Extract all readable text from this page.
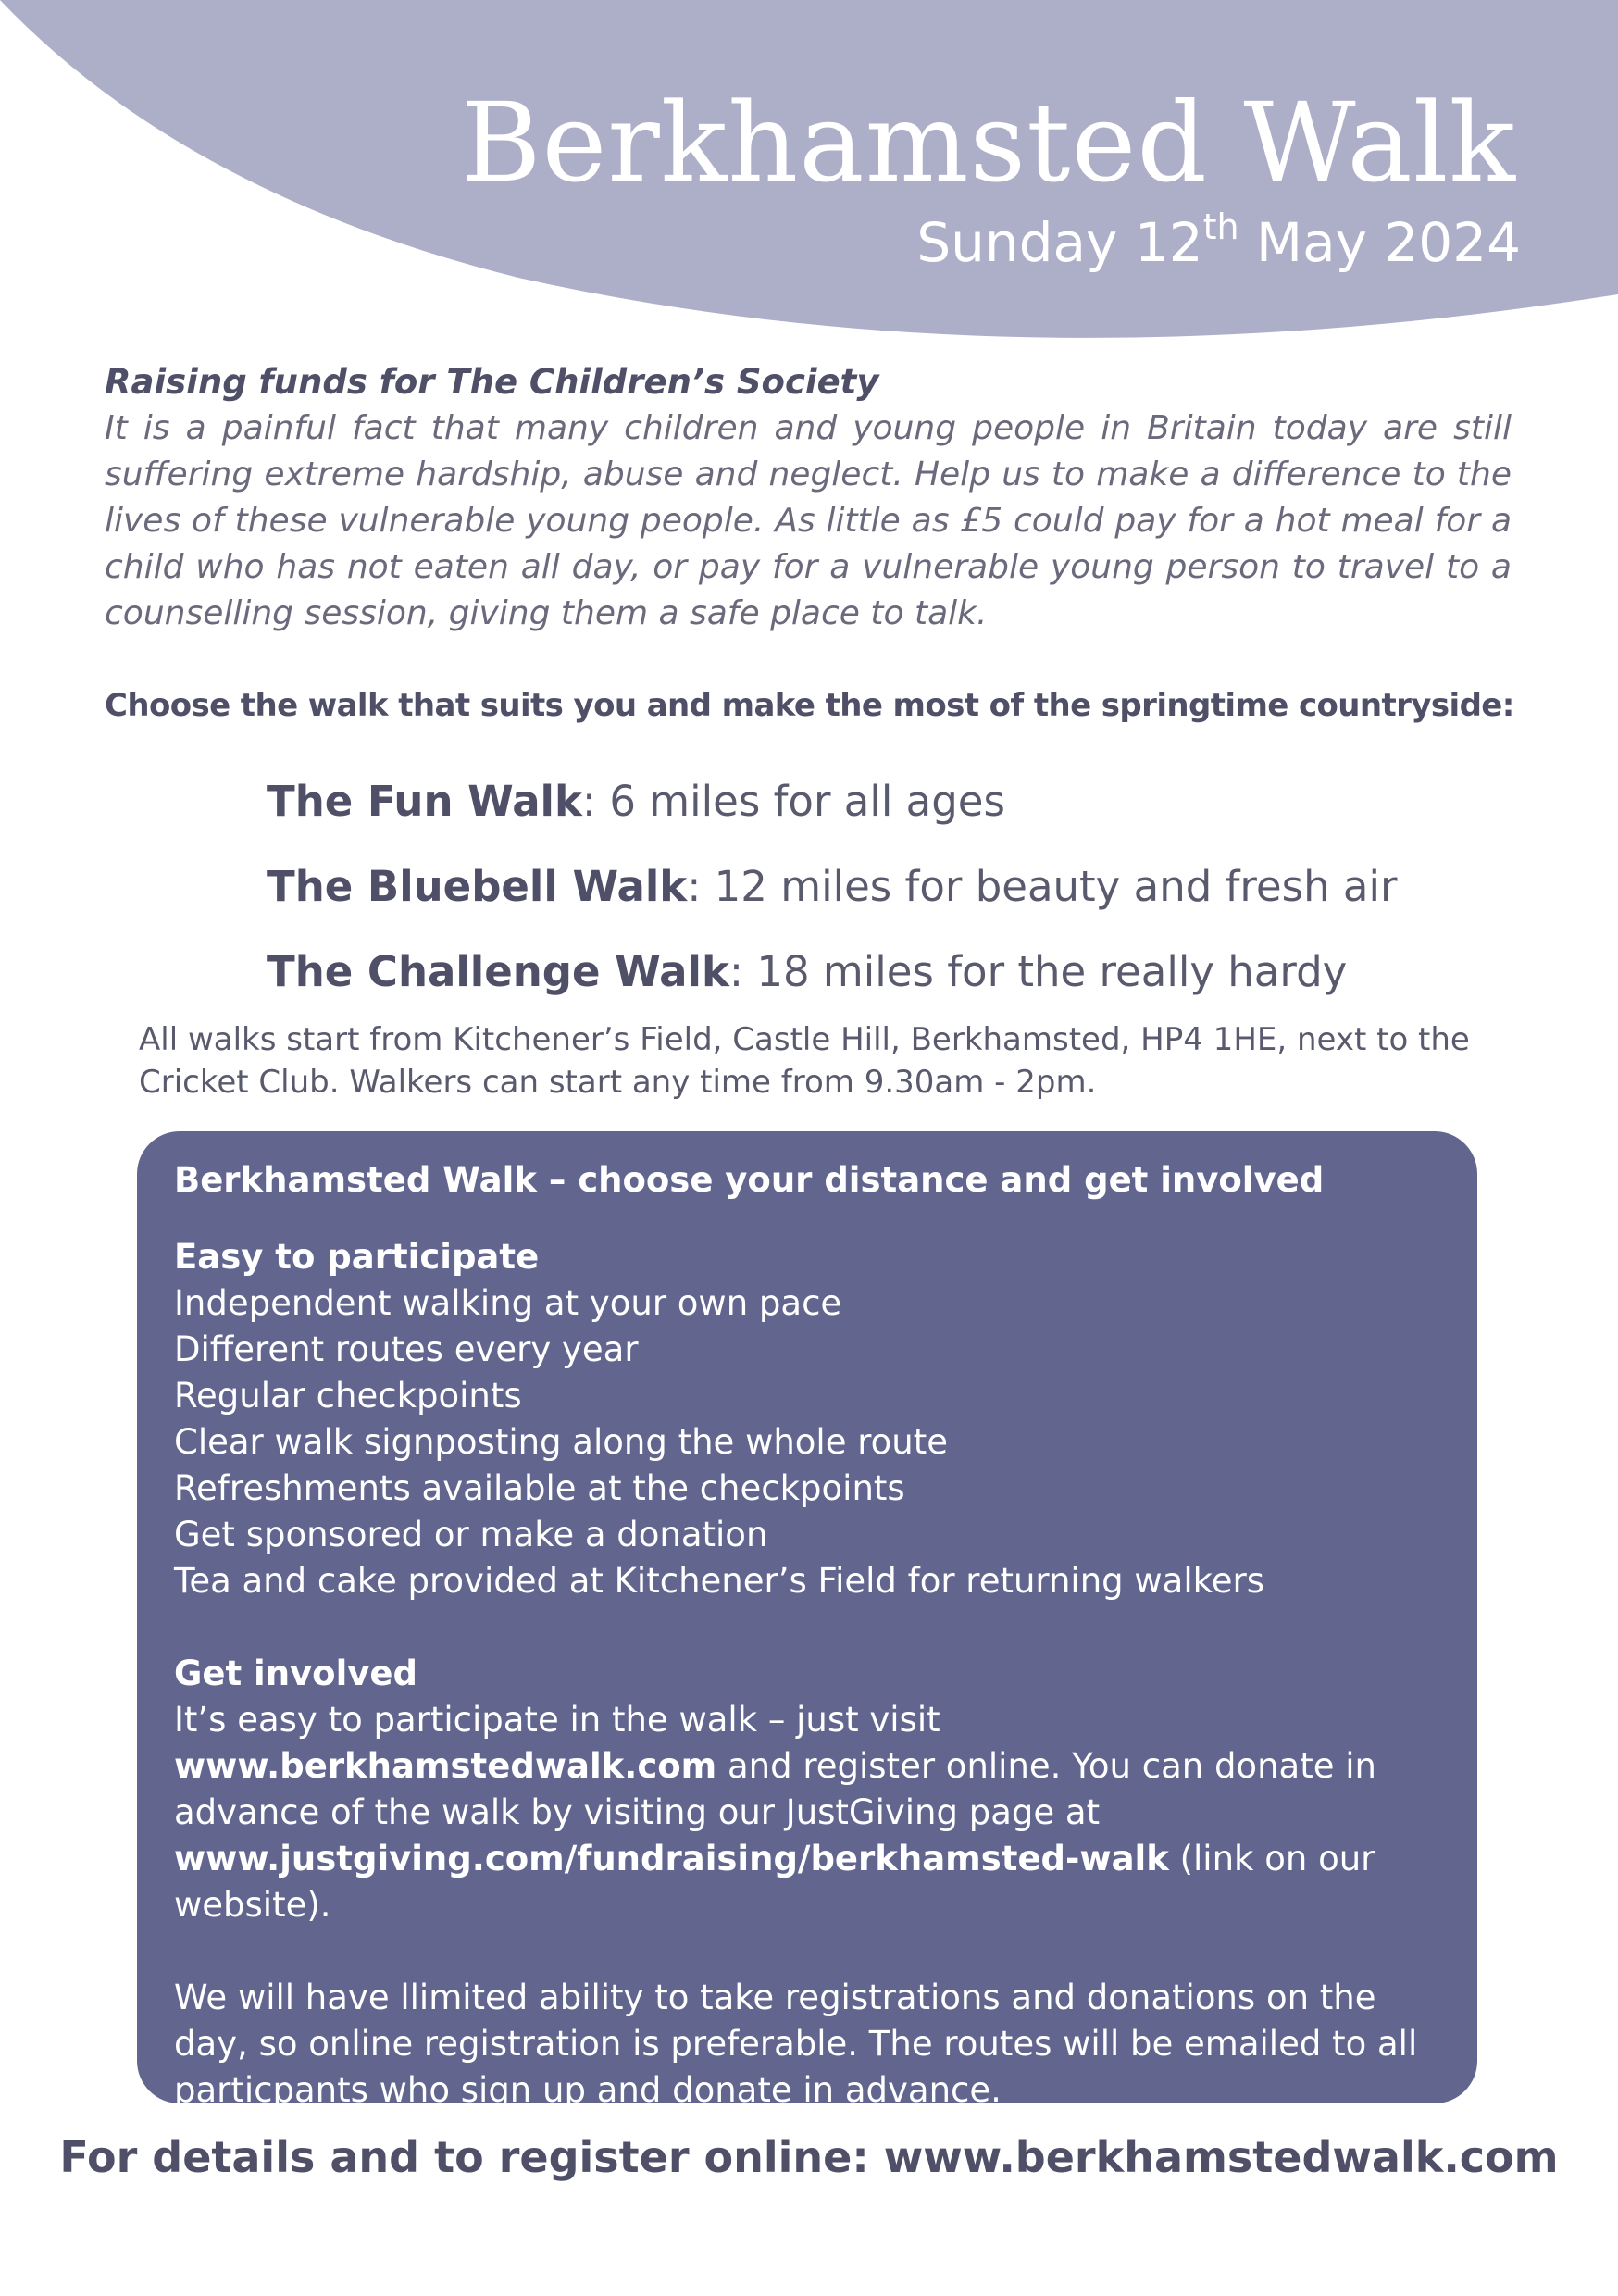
Berkhamsted Walk
Sunday 12th May 2024

Raising funds for The Children’s Society

It is a painful fact that many children and young people in Britain today are still suffering extreme hardship, abuse and neglect. Help us to make a difference to the lives of these vulnerable young people. As little as £5 could pay for a hot meal for a child who has not eaten all day, or pay for a vulnerable young person to travel to a counselling session, giving them a safe place to talk.

Choose the walk that suits you and make the most of the springtime countryside:

The Fun Walk: 6 miles for all ages
The Bluebell Walk: 12 miles for beauty and fresh air
The Challenge Walk: 18 miles for the really hardy

All walks start from Kitchener’s Field, Castle Hill, Berkhamsted, HP4 1HE, next to the Cricket Club. Walkers can start any time from 9.30am - 2pm.

Berkhamsted Walk – choose your distance and get involved

Easy to participate

Independent walking at your own pace
Different routes every year
Regular checkpoints
Clear walk signposting along the whole route
Refreshments available at the checkpoints
Get sponsored or make a donation
Tea and cake provided at Kitchener’s Field for returning walkers

Get involved

It’s easy to participate in the walk – just visit www.berkhamstedwalk.com and register online. You can donate in advance of the walk by visiting our JustGiving page at www.justgiving.com/fundraising/berkhamsted-walk (link on our website).

We will have llimited ability to take registrations and donations on the day, so online registration is preferable. The routes will be emailed to all particpants who sign up and donate in advance.

For details and to register online: www.berkhamstedwalk.com
